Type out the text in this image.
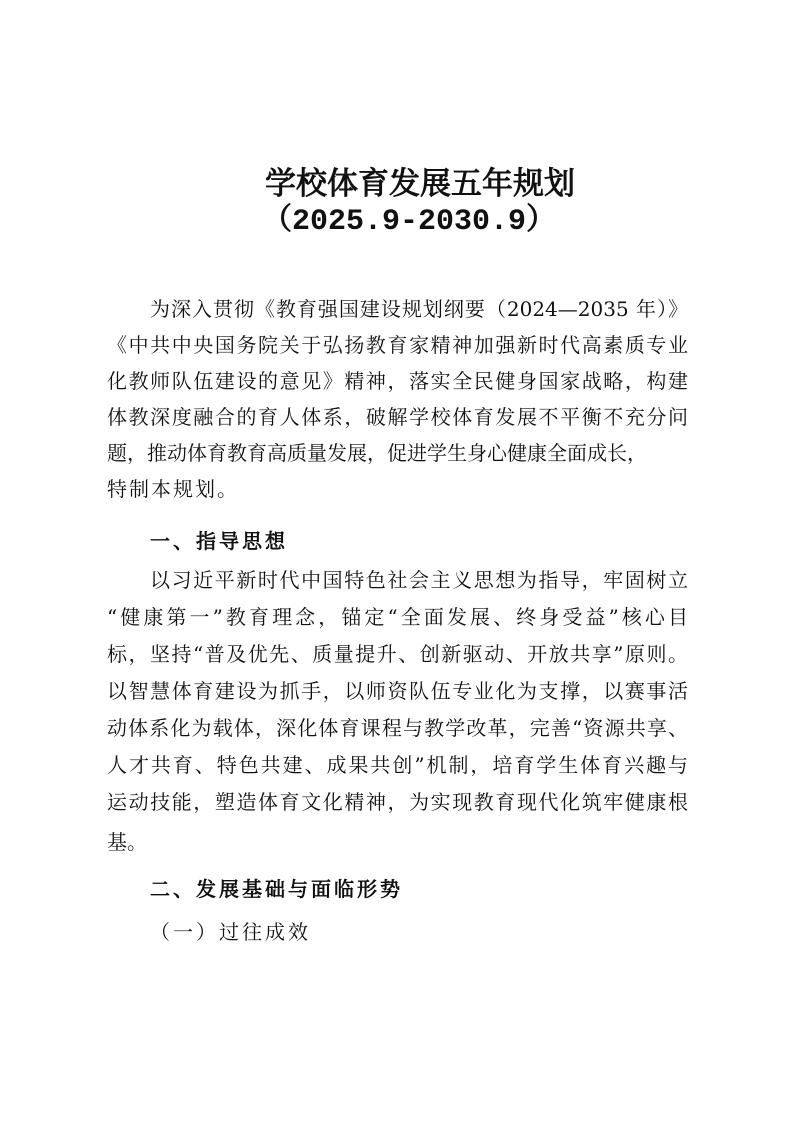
学校体育发展五年规划
（2025.9-2030.9）
为深入贯彻《教育强国建设规划纲要（2024—2035 年）》
《中共中央国务院关于弘扬教育家精神加强新时代高素质专业
化教师队伍建设的意见》精神，落实全民健身国家战略，构建
体教深度融合的育人体系，破解学校体育发展不平衡不充分问
题，推动体育教育高质量发展，促进学生身心健康全面成长，
特制本规划。
一、指导思想
以习近平新时代中国特色社会主义思想为指导，牢固树立
“健康第一”教育理念，锚定“全面发展、终身受益”核心目
标，坚持“普及优先、质量提升、创新驱动、开放共享”原则。
以智慧体育建设为抓手，以师资队伍专业化为支撑，以赛事活
动体系化为载体，深化体育课程与教学改革，完善“资源共享、
人才共育、特色共建、成果共创”机制，培育学生体育兴趣与
运动技能，塑造体育文化精神，为实现教育现代化筑牢健康根
基。
二、发展基础与面临形势
（一）过往成效
